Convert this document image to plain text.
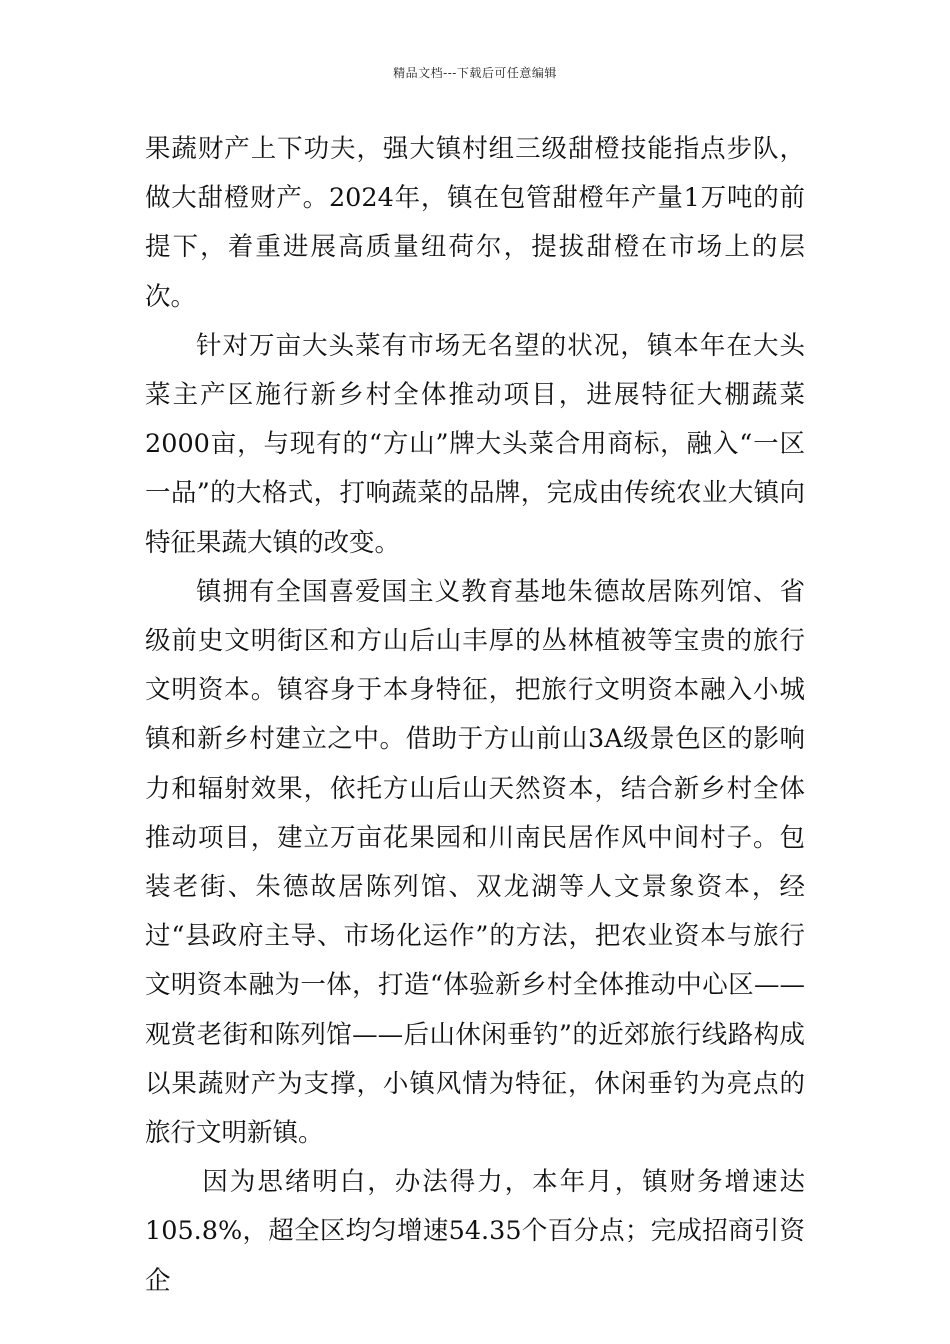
精品文档---下载后可任意编辑

果蔬财产上下功夫，强大镇村组三级甜橙技能指点步队，做大甜橙财产。2024年，镇在包管甜橙年产量1万吨的前提下，着重进展高质量纽荷尔，提拔甜橙在市场上的层次。

针对万亩大头菜有市场无名望的状况，镇本年在大头菜主产区施行新乡村全体推动项目，进展特征大棚蔬菜2000亩，与现有的“方山”牌大头菜合用商标，融入“一区一品”的大格式，打响蔬菜的品牌，完成由传统农业大镇向特征果蔬大镇的改变。

镇拥有全国喜爱国主义教育基地朱德故居陈列馆、省级前史文明街区和方山后山丰厚的丛林植被等宝贵的旅行文明资本。镇容身于本身特征，把旅行文明资本融入小城镇和新乡村建立之中。借助于方山前山3A级景色区的影响力和辐射效果，依托方山后山天然资本，结合新乡村全体推动项目，建立万亩花果园和川南民居作风中间村子。包装老街、朱德故居陈列馆、双龙湖等人文景象资本，经过“县政府主导、市场化运作”的方法，把农业资本与旅行文明资本融为一体，打造“体验新乡村全体推动中心区——观赏老街和陈列馆——后山休闲垂钓”的近郊旅行线路构成以果蔬财产为支撑，小镇风情为特征，休闲垂钓为亮点的旅行文明新镇。

因为思绪明白，办法得力，本年月，镇财务增速达105.8%，超全区均匀增速54.35个百分点；完成招商引资企
